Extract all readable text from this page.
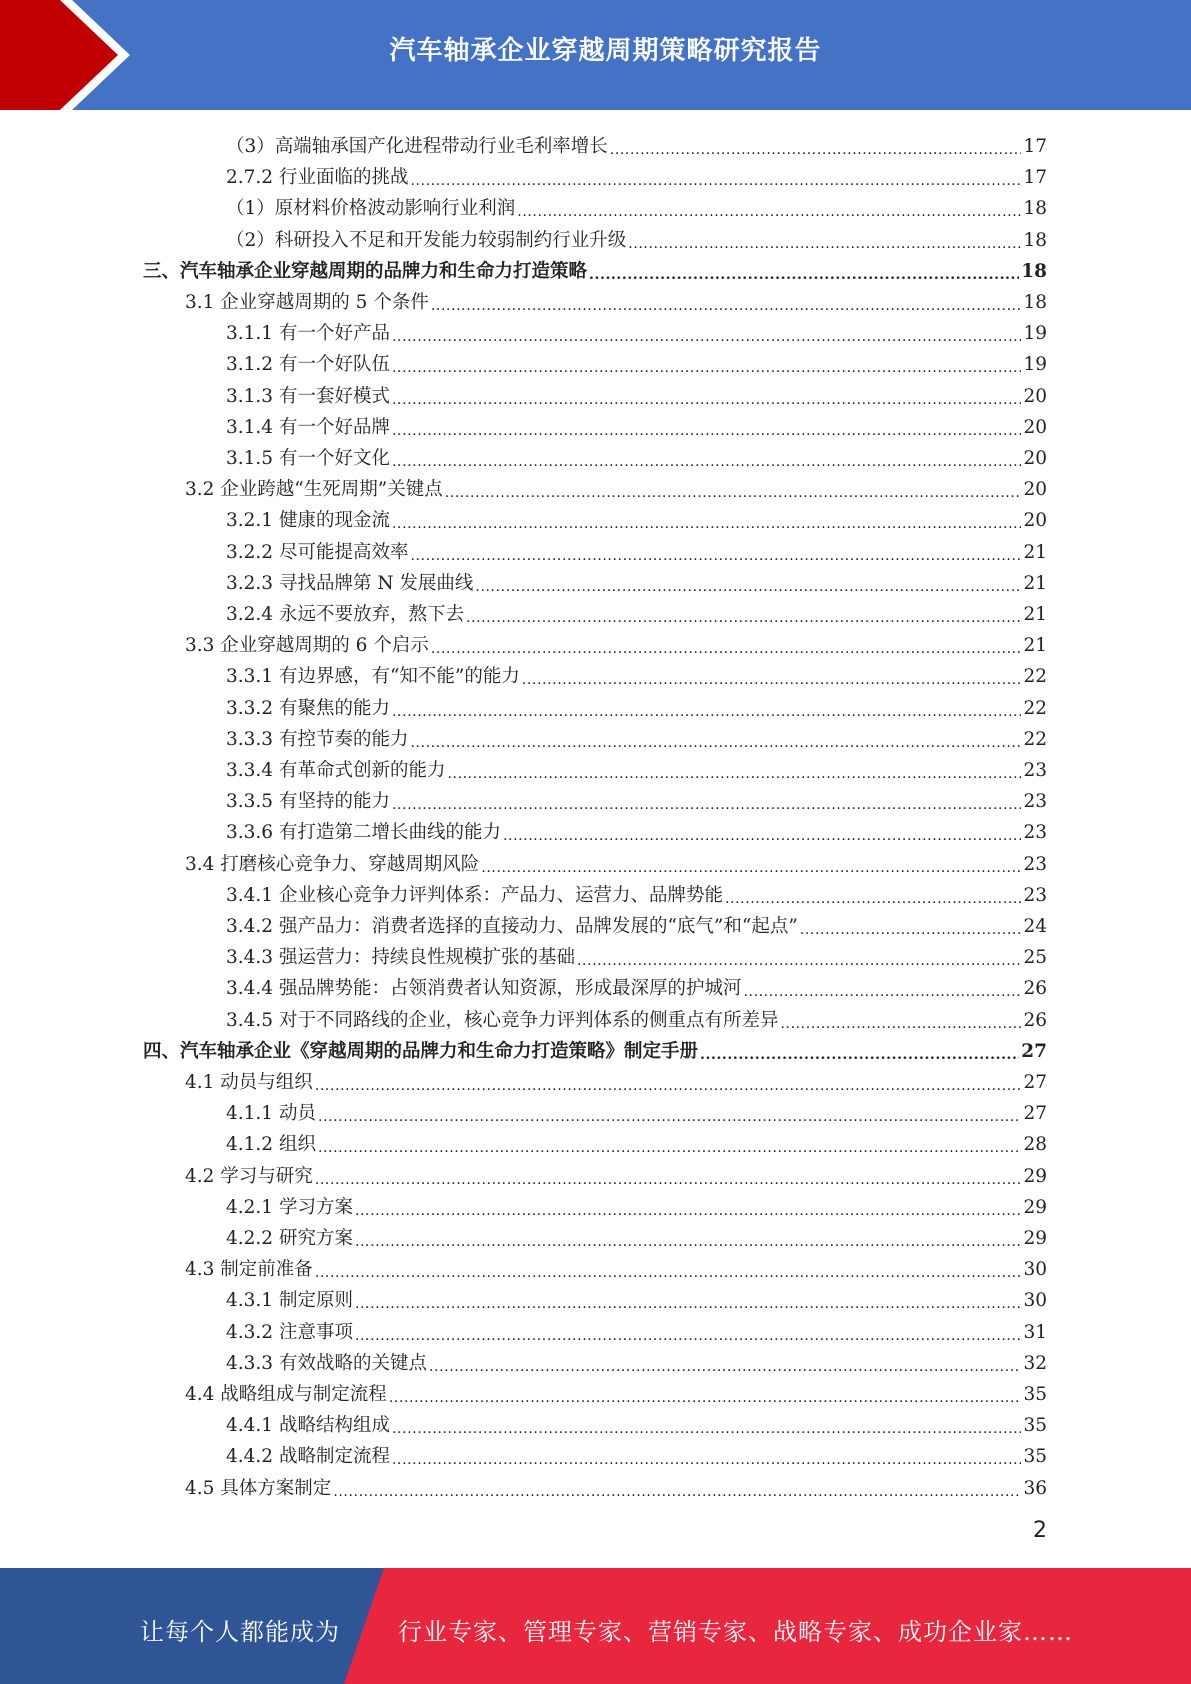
汽车轴承企业穿越周期策略研究报告
（3）高端轴承国产化进程带动行业毛利率增长 .....	17
2.7.2 行业面临的挑战 .....	17
（1）原材料价格波动影响行业利润 .....	18
（2）科研投入不足和开发能力较弱制约行业升级 .....	18
三、汽车轴承企业穿越周期的品牌力和生命力打造策略 .....	18
3.1 企业穿越周期的 5 个条件 .....	18
3.1.1 有一个好产品 .....	19
3.1.2 有一个好队伍 .....	19
3.1.3 有一套好模式 .....	20
3.1.4 有一个好品牌 .....	20
3.1.5 有一个好文化 .....	20
3.2 企业跨越“生死周期”关键点 .....	20
3.2.1 健康的现金流 .....	20
3.2.2 尽可能提高效率 .....	21
3.2.3 寻找品牌第 N 发展曲线 .....	21
3.2.4 永远不要放弃，熬下去 .....	21
3.3 企业穿越周期的 6 个启示 .....	21
3.3.1 有边界感，有“知不能”的能力 .....	22
3.3.2 有聚焦的能力 .....	22
3.3.3 有控节奏的能力 .....	22
3.3.4 有革命式创新的能力 .....	23
3.3.5 有坚持的能力 .....	23
3.3.6 有打造第二增长曲线的能力 .....	23
3.4 打磨核心竞争力、穿越周期风险 .....	23
3.4.1 企业核心竞争力评判体系：产品力、运营力、品牌势能 .....	23
3.4.2 强产品力：消费者选择的直接动力、品牌发展的“底气”和“起点” .....	24
3.4.3 强运营力：持续良性规模扩张的基础 .....	25
3.4.4 强品牌势能：占领消费者认知资源，形成最深厚的护城河 .....	26
3.4.5 对于不同路线的企业，核心竞争力评判体系的侧重点有所差异 .....	26
四、汽车轴承企业《穿越周期的品牌力和生命力打造策略》制定手册 .....	27
4.1 动员与组织 .....	27
4.1.1 动员 .....	27
4.1.2 组织 .....	28
4.2 学习与研究 .....	29
4.2.1 学习方案 .....	29
4.2.2 研究方案 .....	29
4.3 制定前准备 .....	30
4.3.1 制定原则 .....	30
4.3.2 注意事项 .....	31
4.3.3 有效战略的关键点 .....	32
4.4 战略组成与制定流程 .....	35
4.4.1 战略结构组成 .....	35
4.4.2 战略制定流程 .....	35
4.5 具体方案制定 .....	36
2
让每个人都能成为 行业专家、管理专家、营销专家、战略专家、成功企业家……
